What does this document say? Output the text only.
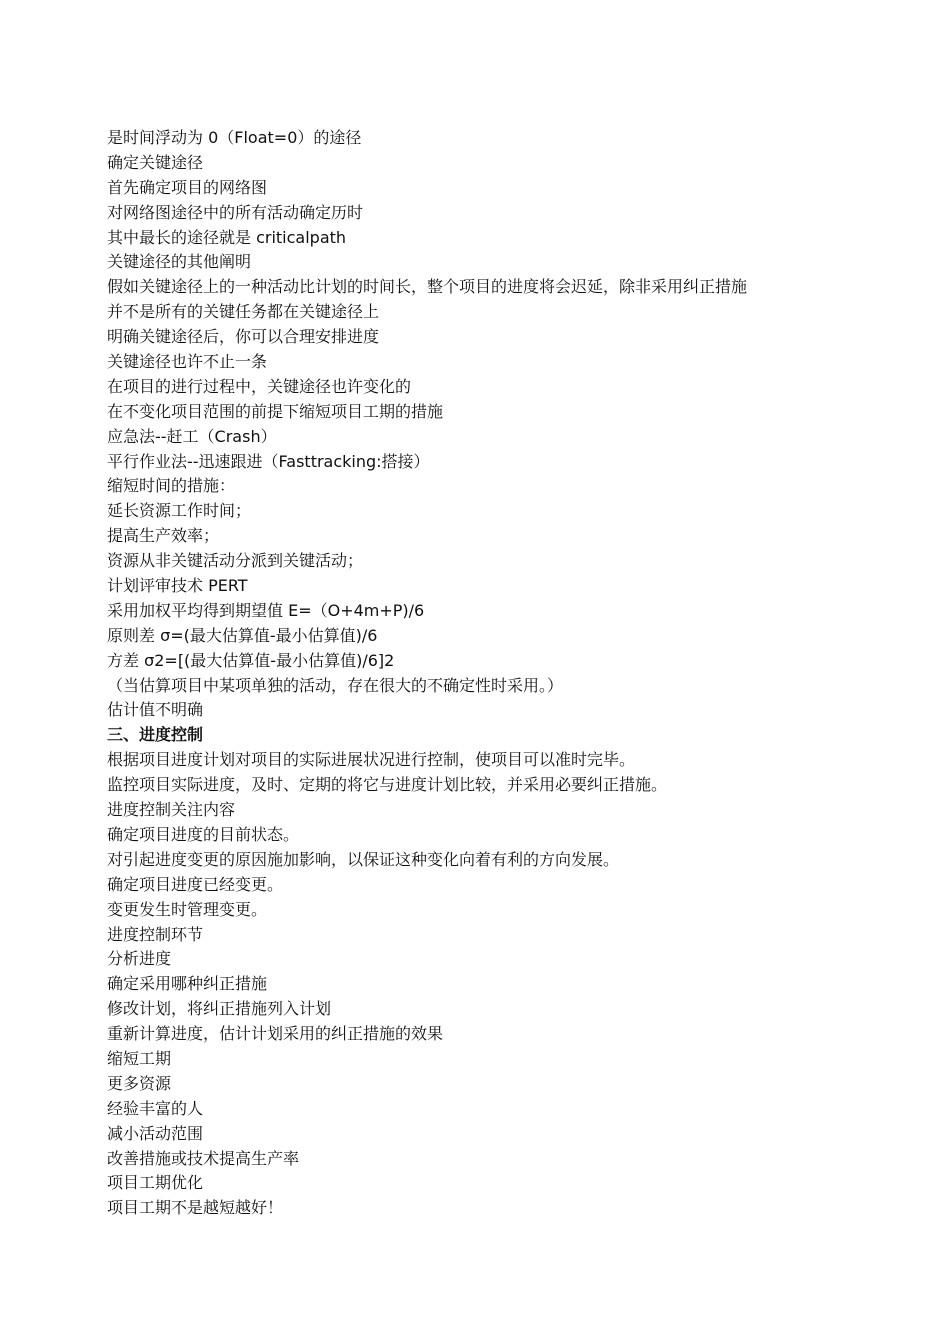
是时间浮动为 0（Float=0）的途径

确定关键途径

首先确定项目的网络图

对网络图途径中的所有活动确定历时

其中最长的途径就是 criticalpath

关键途径的其他阐明

假如关键途径上的一种活动比计划的时间长，整个项目的进度将会迟延，除非采用纠正措施

并不是所有的关键任务都在关键途径上

明确关键途径后，你可以合理安排进度

关键途径也许不止一条

在项目的进行过程中，关键途径也许变化的

在不变化项目范围的前提下缩短项目工期的措施

应急法--赶工（Crash）

平行作业法--迅速跟进（Fasttracking:搭接）

缩短时间的措施：

延长资源工作时间；

提高生产效率；

资源从非关键活动分派到关键活动；

计划评审技术 PERT

采用加权平均得到期望值 E=（O+4m+P)/6

原则差 σ=(最大估算值-最小估算值)/6

方差 σ2=[(最大估算值-最小估算值)/6]2

（当估算项目中某项单独的活动，存在很大的不确定性时采用。）

估计值不明确

三、进度控制

根据项目进度计划对项目的实际进展状况进行控制，使项目可以准时完毕。

监控项目实际进度，及时、定期的将它与进度计划比较，并采用必要纠正措施。

进度控制关注内容

确定项目进度的目前状态。

对引起进度变更的原因施加影响，以保证这种变化向着有利的方向发展。

确定项目进度已经变更。

变更发生时管理变更。

进度控制环节

分析进度

确定采用哪种纠正措施

修改计划，将纠正措施列入计划

重新计算进度，估计计划采用的纠正措施的效果

缩短工期

更多资源

经验丰富的人

减小活动范围

改善措施或技术提高生产率

项目工期优化

项目工期不是越短越好！
